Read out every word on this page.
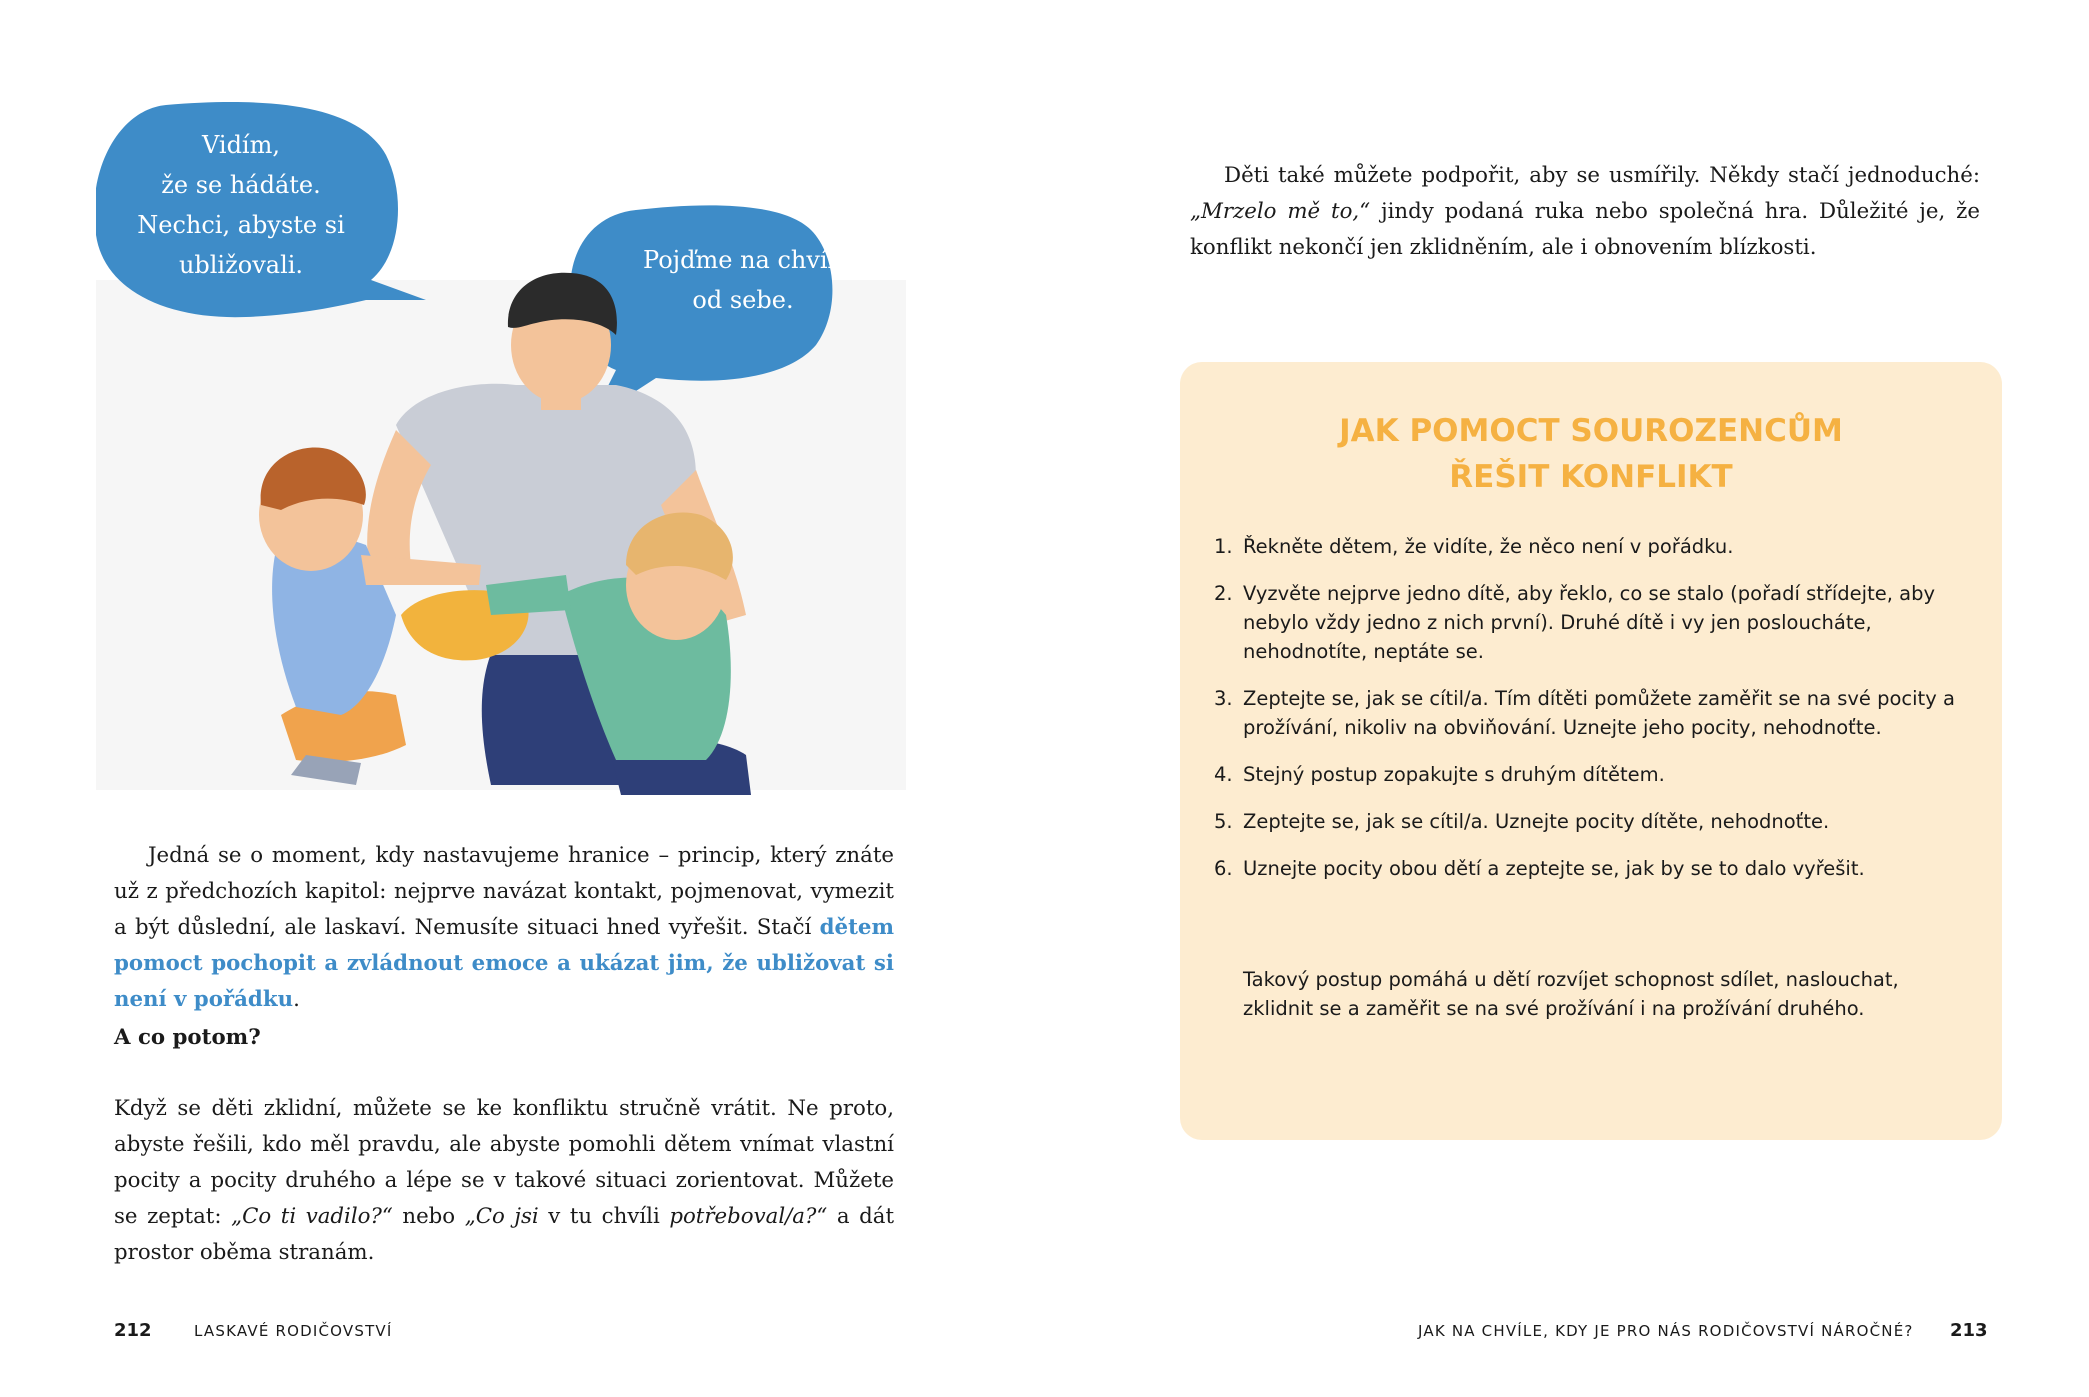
Vidím,
že se hádáte.
Nechci, abyste si
ubližovali.	Pojďme na chvíli
od sebe.
Jedná se o moment, kdy nastavujeme hranice – princip, který znáte už z předchozích kapitol: nejprve navázat kontakt, pojmenovat, vymezit a být důslední, ale laskaví. Nemusíte situaci hned vyřešit. Stačí dětem pomoct pochopit a zvládnout emoce a ukázat jim, že ubližovat si není v pořádku.
A co potom?
Když se děti zklidní, můžete se ke konfliktu stručně vrátit. Ne proto, abyste řešili, kdo měl pravdu, ale abyste pomohli dětem vnímat vlastní pocity a pocity druhého a lépe se v takové situaci zorientovat. Můžete se zeptat: „Co ti vadilo?“ nebo „Co jsi v tu chvíli potřeboval/a?“ a dát prostor oběma stranám.
212	LASKAVÉ RODIČOVSTVÍ
Děti také můžete podpořit, aby se usmířily. Někdy stačí jednoduché: „Mrzelo mě to,“ jindy podaná ruka nebo společná hra. Důležité je, že konflikt nekončí jen zklidněním, ale i obnovením blízkosti.
JAK POMOCT SOUROZENCŮM
ŘEŠIT KONFLIKT
1. Řekněte dětem, že vidíte, že něco není v pořádku.
2. Vyzvěte nejprve jedno dítě, aby řeklo, co se stalo (pořadí střídejte, aby nebylo vždy jedno z nich první). Druhé dítě i vy jen posloucháte, nehodnotíte, neptáte se.
3. Zeptejte se, jak se cítil/a. Tím dítěti pomůžete zaměřit se na své pocity a prožívání, nikoliv na obviňování. Uznejte jeho pocity, nehodnoťte.
4. Stejný postup zopakujte s druhým dítětem.
5. Zeptejte se, jak se cítil/a. Uznejte pocity dítěte, nehodnoťte.
6. Uznejte pocity obou dětí a zeptejte se, jak by se to dalo vyřešit.
Takový postup pomáhá u dětí rozvíjet schopnost sdílet, naslouchat, zklidnit se a zaměřit se na své prožívání i na prožívání druhého.
JAK NA CHVÍLE, KDY JE PRO NÁS RODIČOVSTVÍ NÁROČNÉ? 213
